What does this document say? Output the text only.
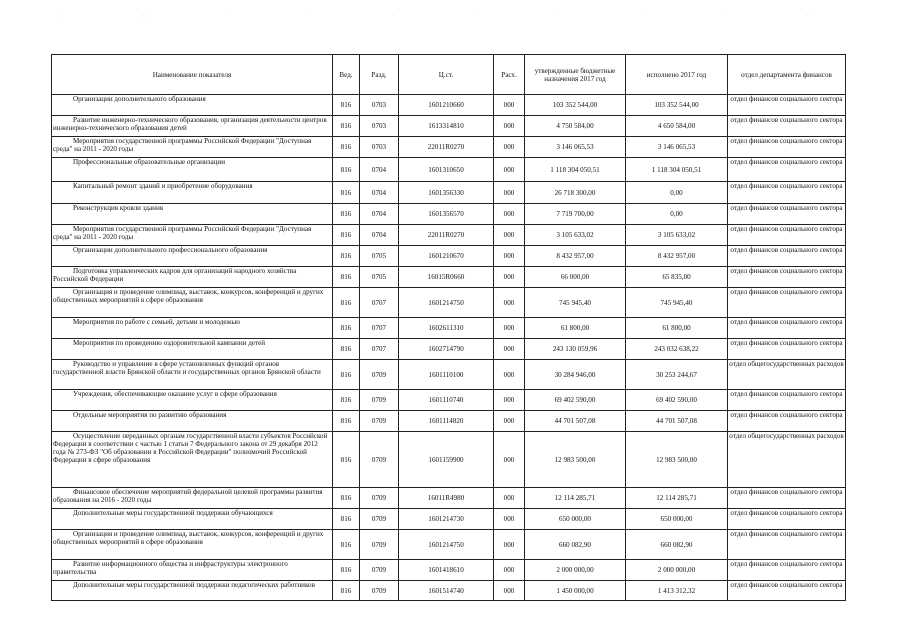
. . . . . . . . . . . .
Наименование показателя	Вед.	Разд.	Ц.ст.	Расх.	утвержденные бюджетные назначения 2017 год	исполнено 2017 год	отдел департамента финансов

Организации дополнительного образования	816	0703	1601210660	000	103 352 544,00	103 352 544,00	отдел финансов социального сектора

Развитие инженерно-технического образования, организация деятельности центров инженерно-технического образования детей	816	0703	1613314810	000	4 750 584,00	4 650 584,00	отдел финансов социального сектора

Мероприятия государственной программы Российской Федерации "Доступная среда" на 2011 - 2020 годы	816	0703	22011R0270	000	3 146 065,53	3 146 065,53	отдел финансов социального сектора

Профессиональные образовательные организации	816	0704	1601310650	000	1 118 304 050,51	1 118 304 050,51	отдел финансов социального сектора

Капитальный ремонт зданий и приобретение оборудования	816	0704	1601356330	000	26 718 300,00	0,00	отдел финансов социального сектора

Реконструкция кровли здания	816	0704	1601356570	000	7 719 700,00	0,00	отдел финансов социального сектора

Мероприятия государственной программы Российской Федерации "Доступная среда" на 2011 - 2020 годы	816	0704	22011R0270	000	3 105 633,02	3 105 633,02	отдел финансов социального сектора

Организации дополнительного профессионального образования	816	0705	1601210670	000	8 432 957,00	8 432 957,00	отдел финансов социального сектора

Подготовка управленческих кадров для организаций народного хозяйства Российской Федерации	816	0705	16015R0660	000	66 000,00	65 835,00	отдел финансов социального сектора

Организация и проведение олимпиад, выставок, конкурсов, конференций и других общественных мероприятий в сфере образования	816	0707	1601214750	000	745 945,40	745 945,40	отдел финансов социального сектора

Мероприятия по работе с семьей, детьми и молодежью	816	0707	1602611310	000	61 800,00	61 800,00	отдел финансов социального сектора

Мероприятия по проведению оздоровительной кампании детей	816	0707	1602714790	000	243 130 059,96	243 032 638,22	отдел финансов социального сектора

Руководство и управление в сфере установленных функций органов государственной власти Брянской области и государственных органов Брянской области	816	0709	1601110100	000	30 284 946,00	30 253 244,67	отдел общегосударственных расходов

Учреждения, обеспечивающие оказание услуг в сфере образования	816	0709	1601110740	000	69 402 590,00	69 402 590,00	отдел финансов социального сектора

Отдельные мероприятия по развитию образования	816	0709	1601114820	000	44 701 507,08	44 701 507,08	отдел финансов социального сектора

Осуществление переданных органам государственной власти субъектов Российской Федерации в соответствии с частью 1 статьи 7 Федерального закона от 29 декабря 2012 года № 273-ФЗ "Об образовании в Российской Федерации" полномочий Российской Федерации в сфере образования	816	0709	1601159900	000	12 983 500,00	12 983 500,00	отдел общегосударственных расходов

Финансовое обеспечение мероприятий федеральной целевой программы развития образования на 2016 - 2020 годы	816	0709	16011R4980	000	12 114 285,71	12 114 285,71	отдел финансов социального сектора

Дополнительные меры государственной поддержки обучающихся	816	0709	1601214730	000	650 000,00	650 000,00	отдел финансов социального сектора

Организация и проведение олимпиад, выставок, конкурсов, конференций и других общественных мероприятий в сфере образования	816	0709	1601214750	000	660 082,90	660 082,90	отдел финансов социального сектора

Развитие информационного общества и инфраструктуры электронного правительства	816	0709	1601418610	000	2 000 000,00	2 000 000,00	отдел финансов социального сектора

Дополнительные меры государственной поддержки педагогических работников	816	0709	1601514740	000	1 450 000,00	1 413 312,32	отдел финансов социального сектора
